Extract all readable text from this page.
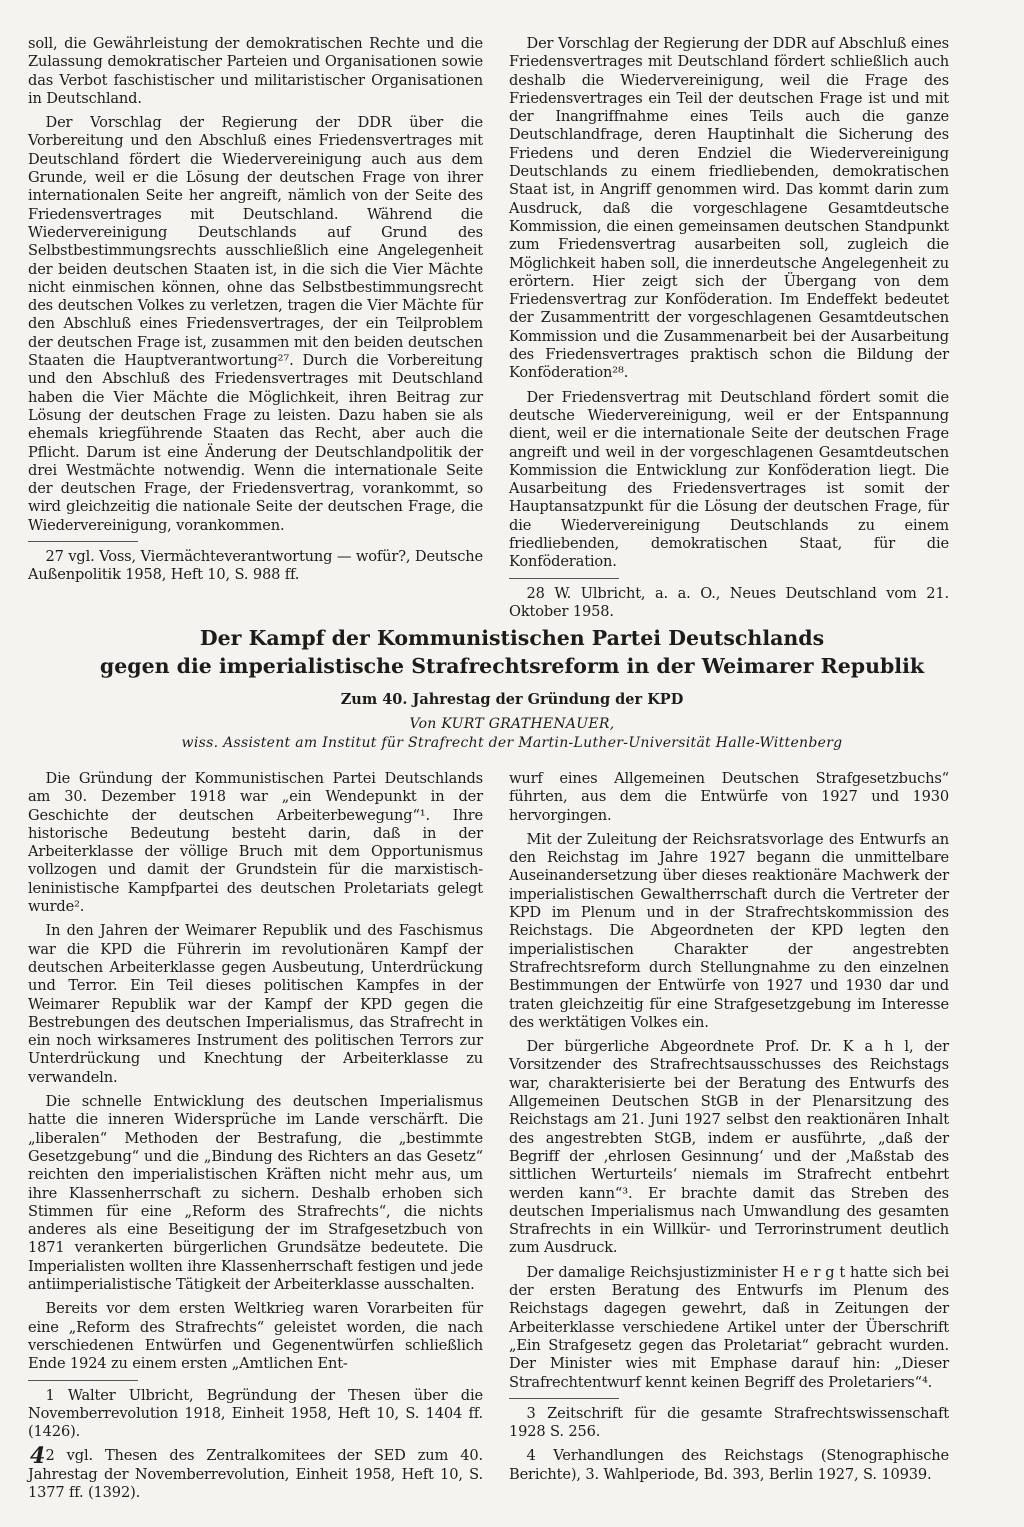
soll, die Gewährleistung der demokratischen Rechte und die Zulassung demokratischer Parteien und Organisationen sowie das Verbot faschistischer und militaristischer Organisationen in Deutschland.

Der Vorschlag der Regierung der DDR über die Vorbereitung und den Abschluß eines Friedensvertrages mit Deutschland fördert die Wiedervereinigung auch aus dem Grunde, weil er die Lösung der deutschen Frage von ihrer internationalen Seite her angreift, nämlich von der Seite des Friedensvertrages mit Deutschland. Während die Wiedervereinigung Deutschlands auf Grund des Selbstbestimmungsrechts ausschließlich eine Angelegenheit der beiden deutschen Staaten ist, in die sich die Vier Mächte nicht einmischen können, ohne das Selbstbestimmungsrecht des deutschen Volkes zu verletzen, tragen die Vier Mächte für den Abschluß eines Friedensvertrages, der ein Teilproblem der deutschen Frage ist, zusammen mit den beiden deutschen Staaten die Hauptverantwortung²⁷. Durch die Vorbereitung und den Abschluß des Friedensvertrages mit Deutschland haben die Vier Mächte die Möglichkeit, ihren Beitrag zur Lösung der deutschen Frage zu leisten. Dazu haben sie als ehemals kriegführende Staaten das Recht, aber auch die Pflicht. Darum ist eine Änderung der Deutschlandpolitik der drei Westmächte notwendig. Wenn die internationale Seite der deutschen Frage, der Friedensvertrag, vorankommt, so wird gleichzeitig die nationale Seite der deutschen Frage, die Wiedervereinigung, vorankommen.

27 vgl. Voss, Viermächteverantwortung — wofür?, Deutsche Außenpolitik 1958, Heft 10, S. 988 ff.

Der Vorschlag der Regierung der DDR auf Abschluß eines Friedensvertrages mit Deutschland fördert schließlich auch deshalb die Wiedervereinigung, weil die Frage des Friedensvertrages ein Teil der deutschen Frage ist und mit der Inangriffnahme eines Teils auch die ganze Deutschlandfrage, deren Hauptinhalt die Sicherung des Friedens und deren Endziel die Wiedervereinigung Deutschlands zu einem friedliebenden, demokratischen Staat ist, in Angriff genommen wird. Das kommt darin zum Ausdruck, daß die vorgeschlagene Gesamtdeutsche Kommission, die einen gemeinsamen deutschen Standpunkt zum Friedensvertrag ausarbeiten soll, zugleich die Möglichkeit haben soll, die innerdeutsche Angelegenheit zu erörtern. Hier zeigt sich der Übergang von dem Friedensvertrag zur Konföderation. Im Endeffekt bedeutet der Zusammentritt der vorgeschlagenen Gesamtdeutschen Kommission und die Zusammenarbeit bei der Ausarbeitung des Friedensvertrages praktisch schon die Bildung der Konföderation²⁸.

Der Friedensvertrag mit Deutschland fördert somit die deutsche Wiedervereinigung, weil er der Entspannung dient, weil er die internationale Seite der deutschen Frage angreift und weil in der vorgeschlagenen Gesamtdeutschen Kommission die Entwicklung zur Konföderation liegt. Die Ausarbeitung des Friedensvertrages ist somit der Hauptansatzpunkt für die Lösung der deutschen Frage, für die Wiedervereinigung Deutschlands zu einem friedliebenden, demokratischen Staat, für die Konföderation.

28 W. Ulbricht, a. a. O., Neues Deutschland vom 21. Oktober 1958.

Der Kampf der Kommunistischen Partei Deutschlands
gegen die imperialistische Strafrechtsreform in der Weimarer Republik
Zum 40. Jahrestag der Gründung der KPD
Von KURT GRATHENAUER,
wiss. Assistent am Institut für Strafrecht der Martin-Luther-Universität Halle-Wittenberg

Die Gründung der Kommunistischen Partei Deutschlands am 30. Dezember 1918 war „ein Wendepunkt in der Geschichte der deutschen Arbeiterbewegung“¹. Ihre historische Bedeutung besteht darin, daß in der Arbeiterklasse der völlige Bruch mit dem Opportunismus vollzogen und damit der Grundstein für die marxistisch-leninistische Kampfpartei des deutschen Proletariats gelegt wurde².

In den Jahren der Weimarer Republik und des Faschismus war die KPD die Führerin im revolutionären Kampf der deutschen Arbeiterklasse gegen Ausbeutung, Unterdrückung und Terror. Ein Teil dieses politischen Kampfes in der Weimarer Republik war der Kampf der KPD gegen die Bestrebungen des deutschen Imperialismus, das Strafrecht in ein noch wirksameres Instrument des politischen Terrors zur Unterdrückung und Knechtung der Arbeiterklasse zu verwandeln.

Die schnelle Entwicklung des deutschen Imperialismus hatte die inneren Widersprüche im Lande verschärft. Die „liberalen“ Methoden der Bestrafung, die „bestimmte Gesetzgebung“ und die „Bindung des Richters an das Gesetz“ reichten den imperialistischen Kräften nicht mehr aus, um ihre Klassenherrschaft zu sichern. Deshalb erhoben sich Stimmen für eine „Reform des Strafrechts“, die nichts anderes als eine Beseitigung der im Strafgesetzbuch von 1871 verankerten bürgerlichen Grundsätze bedeutete. Die Imperialisten wollten ihre Klassenherrschaft festigen und jede antiimperialistische Tätigkeit der Arbeiterklasse ausschalten.

Bereits vor dem ersten Weltkrieg waren Vorarbeiten für eine „Reform des Strafrechts“ geleistet worden, die nach verschiedenen Entwürfen und Gegenentwürfen schließlich Ende 1924 zu einem ersten „Amtlichen Ent-

1 Walter Ulbricht, Begründung der Thesen über die Novemberrevolution 1918, Einheit 1958, Heft 10, S. 1404 ff. (1426).

2 vgl. Thesen des Zentralkomitees der SED zum 40. Jahrestag der Novemberrevolution, Einheit 1958, Heft 10, S. 1377 ff. (1392).

wurf eines Allgemeinen Deutschen Strafgesetzbuchs“ führten, aus dem die Entwürfe von 1927 und 1930 hervorgingen.

Mit der Zuleitung der Reichsratsvorlage des Entwurfs an den Reichstag im Jahre 1927 begann die unmittelbare Auseinandersetzung über dieses reaktionäre Machwerk der imperialistischen Gewaltherrschaft durch die Vertreter der KPD im Plenum und in der Strafrechtskommission des Reichstags. Die Abgeordneten der KPD legten den imperialistischen Charakter der angestrebten Strafrechtsreform durch Stellungnahme zu den einzelnen Bestimmungen der Entwürfe von 1927 und 1930 dar und traten gleichzeitig für eine Strafgesetzgebung im Interesse des werktätigen Volkes ein.

Der bürgerliche Abgeordnete Prof. Dr. K a h l, der Vorsitzender des Strafrechtsausschusses des Reichstags war, charakterisierte bei der Beratung des Entwurfs des Allgemeinen Deutschen StGB in der Plenarsitzung des Reichstags am 21. Juni 1927 selbst den reaktionären Inhalt des angestrebten StGB, indem er ausführte, „daß der Begriff der ‚ehrlosen Gesinnung‘ und der ‚Maßstab des sittlichen Werturteils‘ niemals im Strafrecht entbehrt werden kann“³. Er brachte damit das Streben des deutschen Imperialismus nach Umwandlung des gesamten Strafrechts in ein Willkür- und Terrorinstrument deutlich zum Ausdruck.

Der damalige Reichsjustizminister H e r g t hatte sich bei der ersten Beratung des Entwurfs im Plenum des Reichstags dagegen gewehrt, daß in Zeitungen der Arbeiterklasse verschiedene Artikel unter der Überschrift „Ein Strafgesetz gegen das Proletariat“ gebracht wurden. Der Minister wies mit Emphase darauf hin: „Dieser Strafrechtentwurf kennt keinen Begriff des Proletariers“⁴.

3 Zeitschrift für die gesamte Strafrechtswissenschaft 1928 S. 256.

4 Verhandlungen des Reichstags (Stenographische Berichte), 3. Wahlperiode, Bd. 393, Berlin 1927, S. 10939.

4
